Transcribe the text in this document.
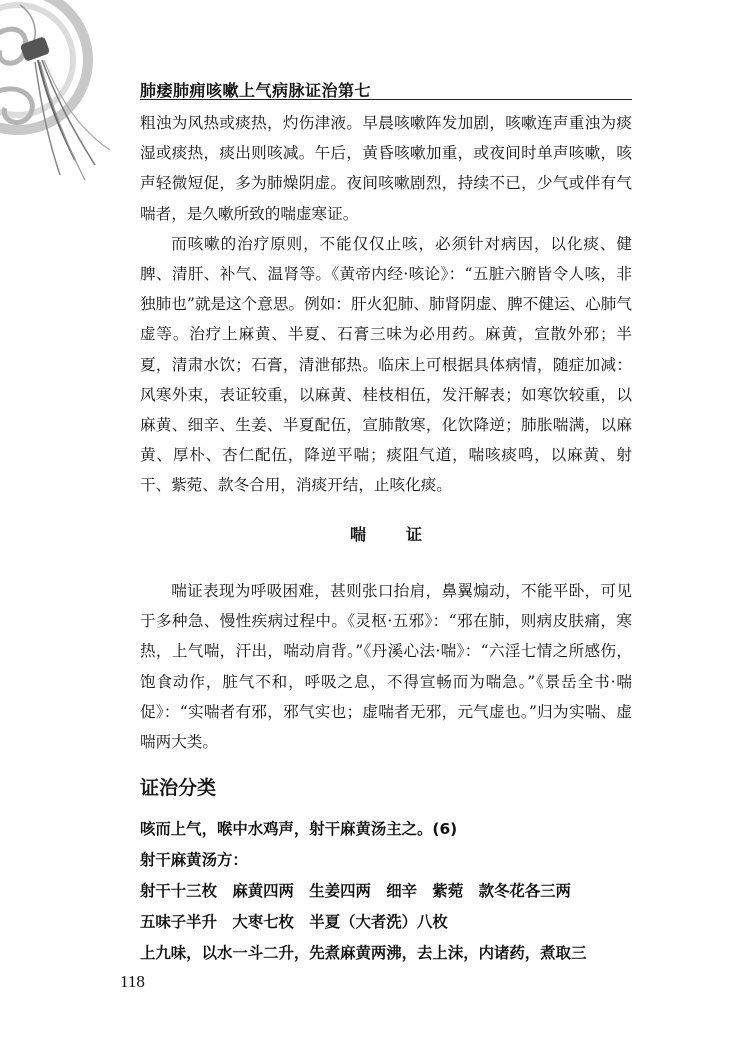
肺痿肺痈咳嗽上气病脉证治第七

粗浊为风热或痰热，灼伤津液。早晨咳嗽阵发加剧，咳嗽连声重浊为痰湿或痰热，痰出则咳减。午后，黄昏咳嗽加重，或夜间时单声咳嗽，咳声轻微短促，多为肺燥阴虚。夜间咳嗽剧烈，持续不已，少气或伴有气喘者，是久嗽所致的喘虚寒证。

而咳嗽的治疗原则，不能仅仅止咳，必须针对病因，以化痰、健脾、清肝、补气、温肾等。《黄帝内经·咳论》：“五脏六腑皆令人咳，非独肺也”就是这个意思。例如：肝火犯肺、肺肾阴虚、脾不健运、心肺气虚等。治疗上麻黄、半夏、石膏三味为必用药。麻黄，宣散外邪；半夏，清肃水饮；石膏，清泄郁热。临床上可根据具体病情，随症加减：风寒外束，表证较重，以麻黄、桂枝相伍，发汗解表；如寒饮较重，以麻黄、细辛、生姜、半夏配伍，宣肺散寒，化饮降逆；肺胀喘满，以麻黄、厚朴、杏仁配伍，降逆平喘；痰阻气道，喘咳痰鸣，以麻黄、射干、紫菀、款冬合用，消痰开结，止咳化痰。

喘证

喘证表现为呼吸困难，甚则张口抬肩，鼻翼煽动，不能平卧，可见于多种急、慢性疾病过程中。《灵枢·五邪》：“邪在肺，则病皮肤痛，寒热，上气喘，汗出，喘动肩背。”《丹溪心法·喘》：“六淫七情之所感伤，饱食动作，脏气不和，呼吸之息，不得宣畅而为喘急。”《景岳全书·喘促》：“实喘者有邪，邪气实也；虚喘者无邪，元气虚也。”归为实喘、虚喘两大类。

证治分类
咳而上气，喉中水鸡声，射干麻黄汤主之。(6)
射干麻黄汤方：
射干十三枚　麻黄四两　生姜四两　细辛　紫菀　款冬花各三两
五味子半升　大枣七枚　半夏（大者洗）八枚
上九味，以水一斗二升，先煮麻黄两沸，去上沫，内诸药，煮取三
118
